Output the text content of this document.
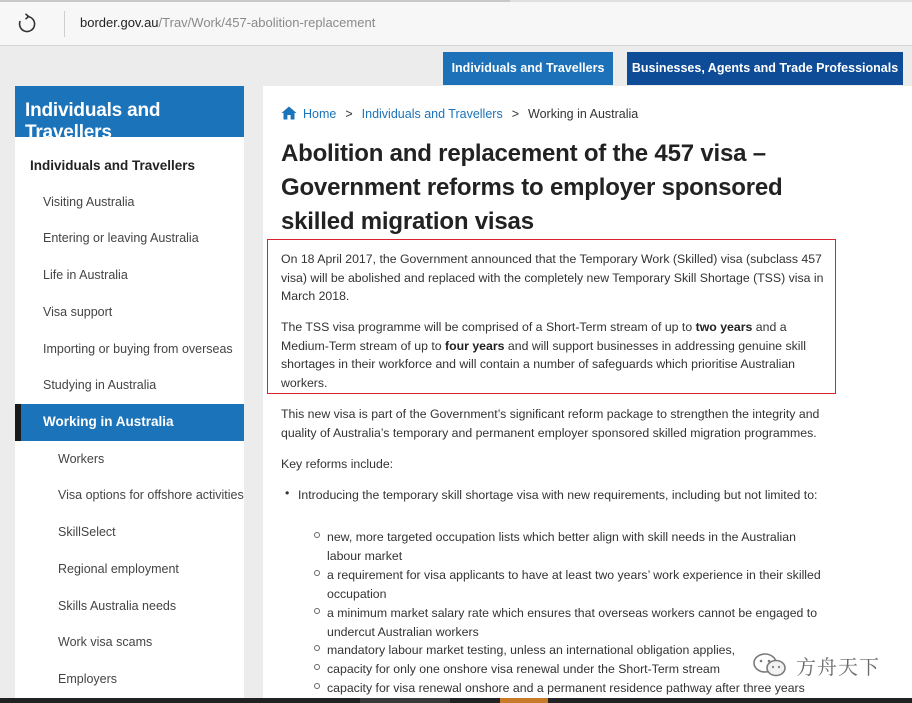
border.gov.au/Trav/Work/457-abolition-replacement
Individuals and Travellers	Businesses, Agents and Trade Professionals
Individuals and Travellers
Individuals and Travellers
Visiting Australia
Entering or leaving Australia
Life in Australia
Visa support
Importing or buying from overseas
Studying in Australia
Working in Australia
Workers
Visa options for offshore activities
SkillSelect
Regional employment
Skills Australia needs
Work visa scams
Employers
Home > Individuals and Travellers > Working in Australia
Abolition and replacement of the 457 visa – Government reforms to employer sponsored skilled migration visas

On 18 April 2017, the Government announced that the Temporary Work (Skilled) visa (subclass 457 visa) will be abolished and replaced with the completely new Temporary Skill Shortage (TSS) visa in March 2018.

The TSS visa programme will be comprised of a Short-Term stream of up to two years and a Medium-Term stream of up to four years and will support businesses in addressing genuine skill shortages in their workforce and will contain a number of safeguards which prioritise Australian workers.

This new visa is part of the Government’s significant reform package to strengthen the integrity and quality of Australia’s temporary and permanent employer sponsored skilled migration programmes.

Key reforms include:

• Introducing the temporary skill shortage visa with new requirements, including but not limited to:

new, more targeted occupation lists which better align with skill needs in the Australian labour market

a requirement for visa applicants to have at least two years’ work experience in their skilled occupation

a minimum market salary rate which ensures that overseas workers cannot be engaged to undercut Australian workers

mandatory labour market testing, unless an international obligation applies,

capacity for only one onshore visa renewal under the Short-Term stream

capacity for visa renewal onshore and a permanent residence pathway after three years

方舟天下
